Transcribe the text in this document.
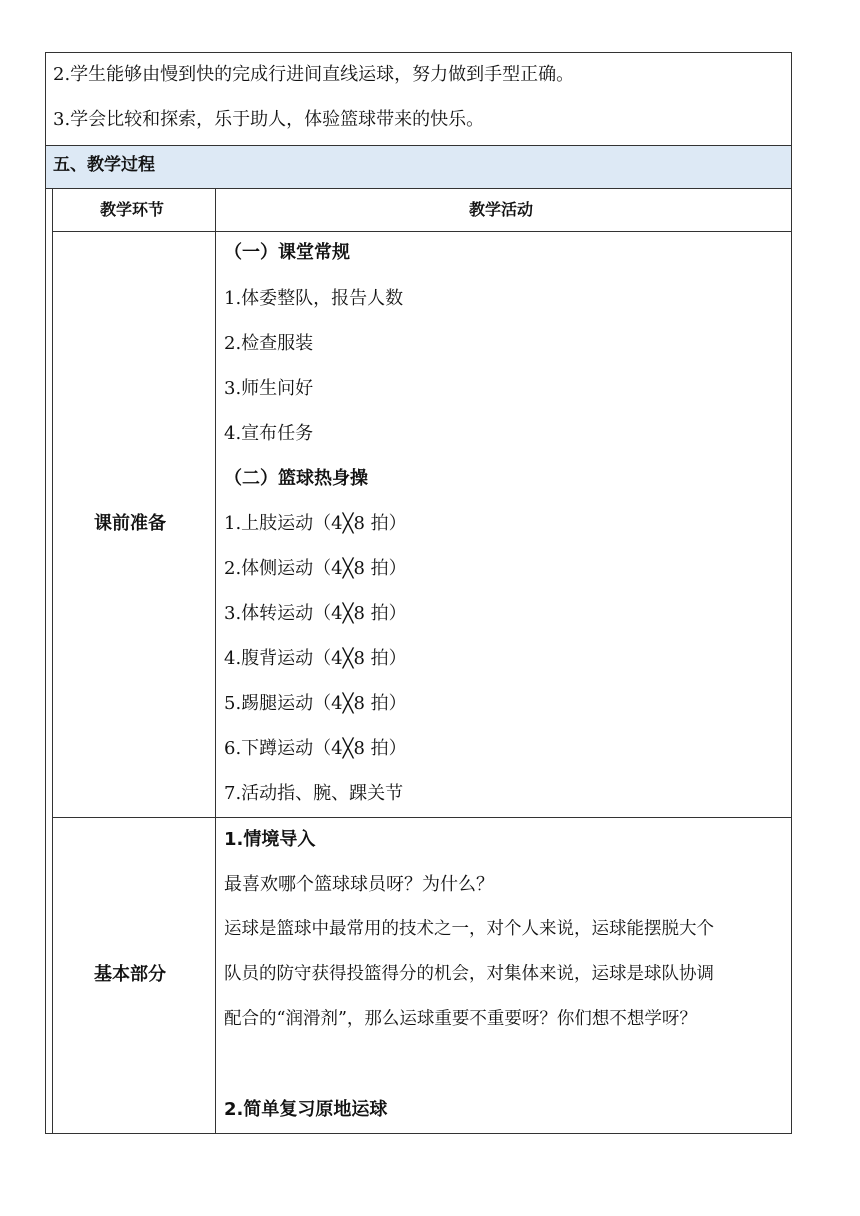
2.学生能够由慢到快的完成行进间直线运球，努力做到手型正确。
3.学会比较和探索，乐于助人，体验篮球带来的快乐。
五、教学过程
教学环节	教学活动
课前准备
（一）课堂常规
1.体委整队，报告人数
2.检查服装
3.师生问好
4.宣布任务
（二）篮球热身操
1.上肢运动（4╳8 拍）
2.体侧运动（4╳8 拍）
3.体转运动（4╳8 拍）
4.腹背运动（4╳8 拍）
5.踢腿运动（4╳8 拍）
6.下蹲运动（4╳8 拍）
7.活动指、腕、踝关节
基本部分
1.情境导入
最喜欢哪个篮球球员呀？为什么？
运球是篮球中最常用的技术之一，对个人来说，运球能摆脱大个
队员的防守获得投篮得分的机会，对集体来说，运球是球队协调
配合的“润滑剂”，那么运球重要不重要呀？你们想不想学呀？
2.简单复习原地运球
